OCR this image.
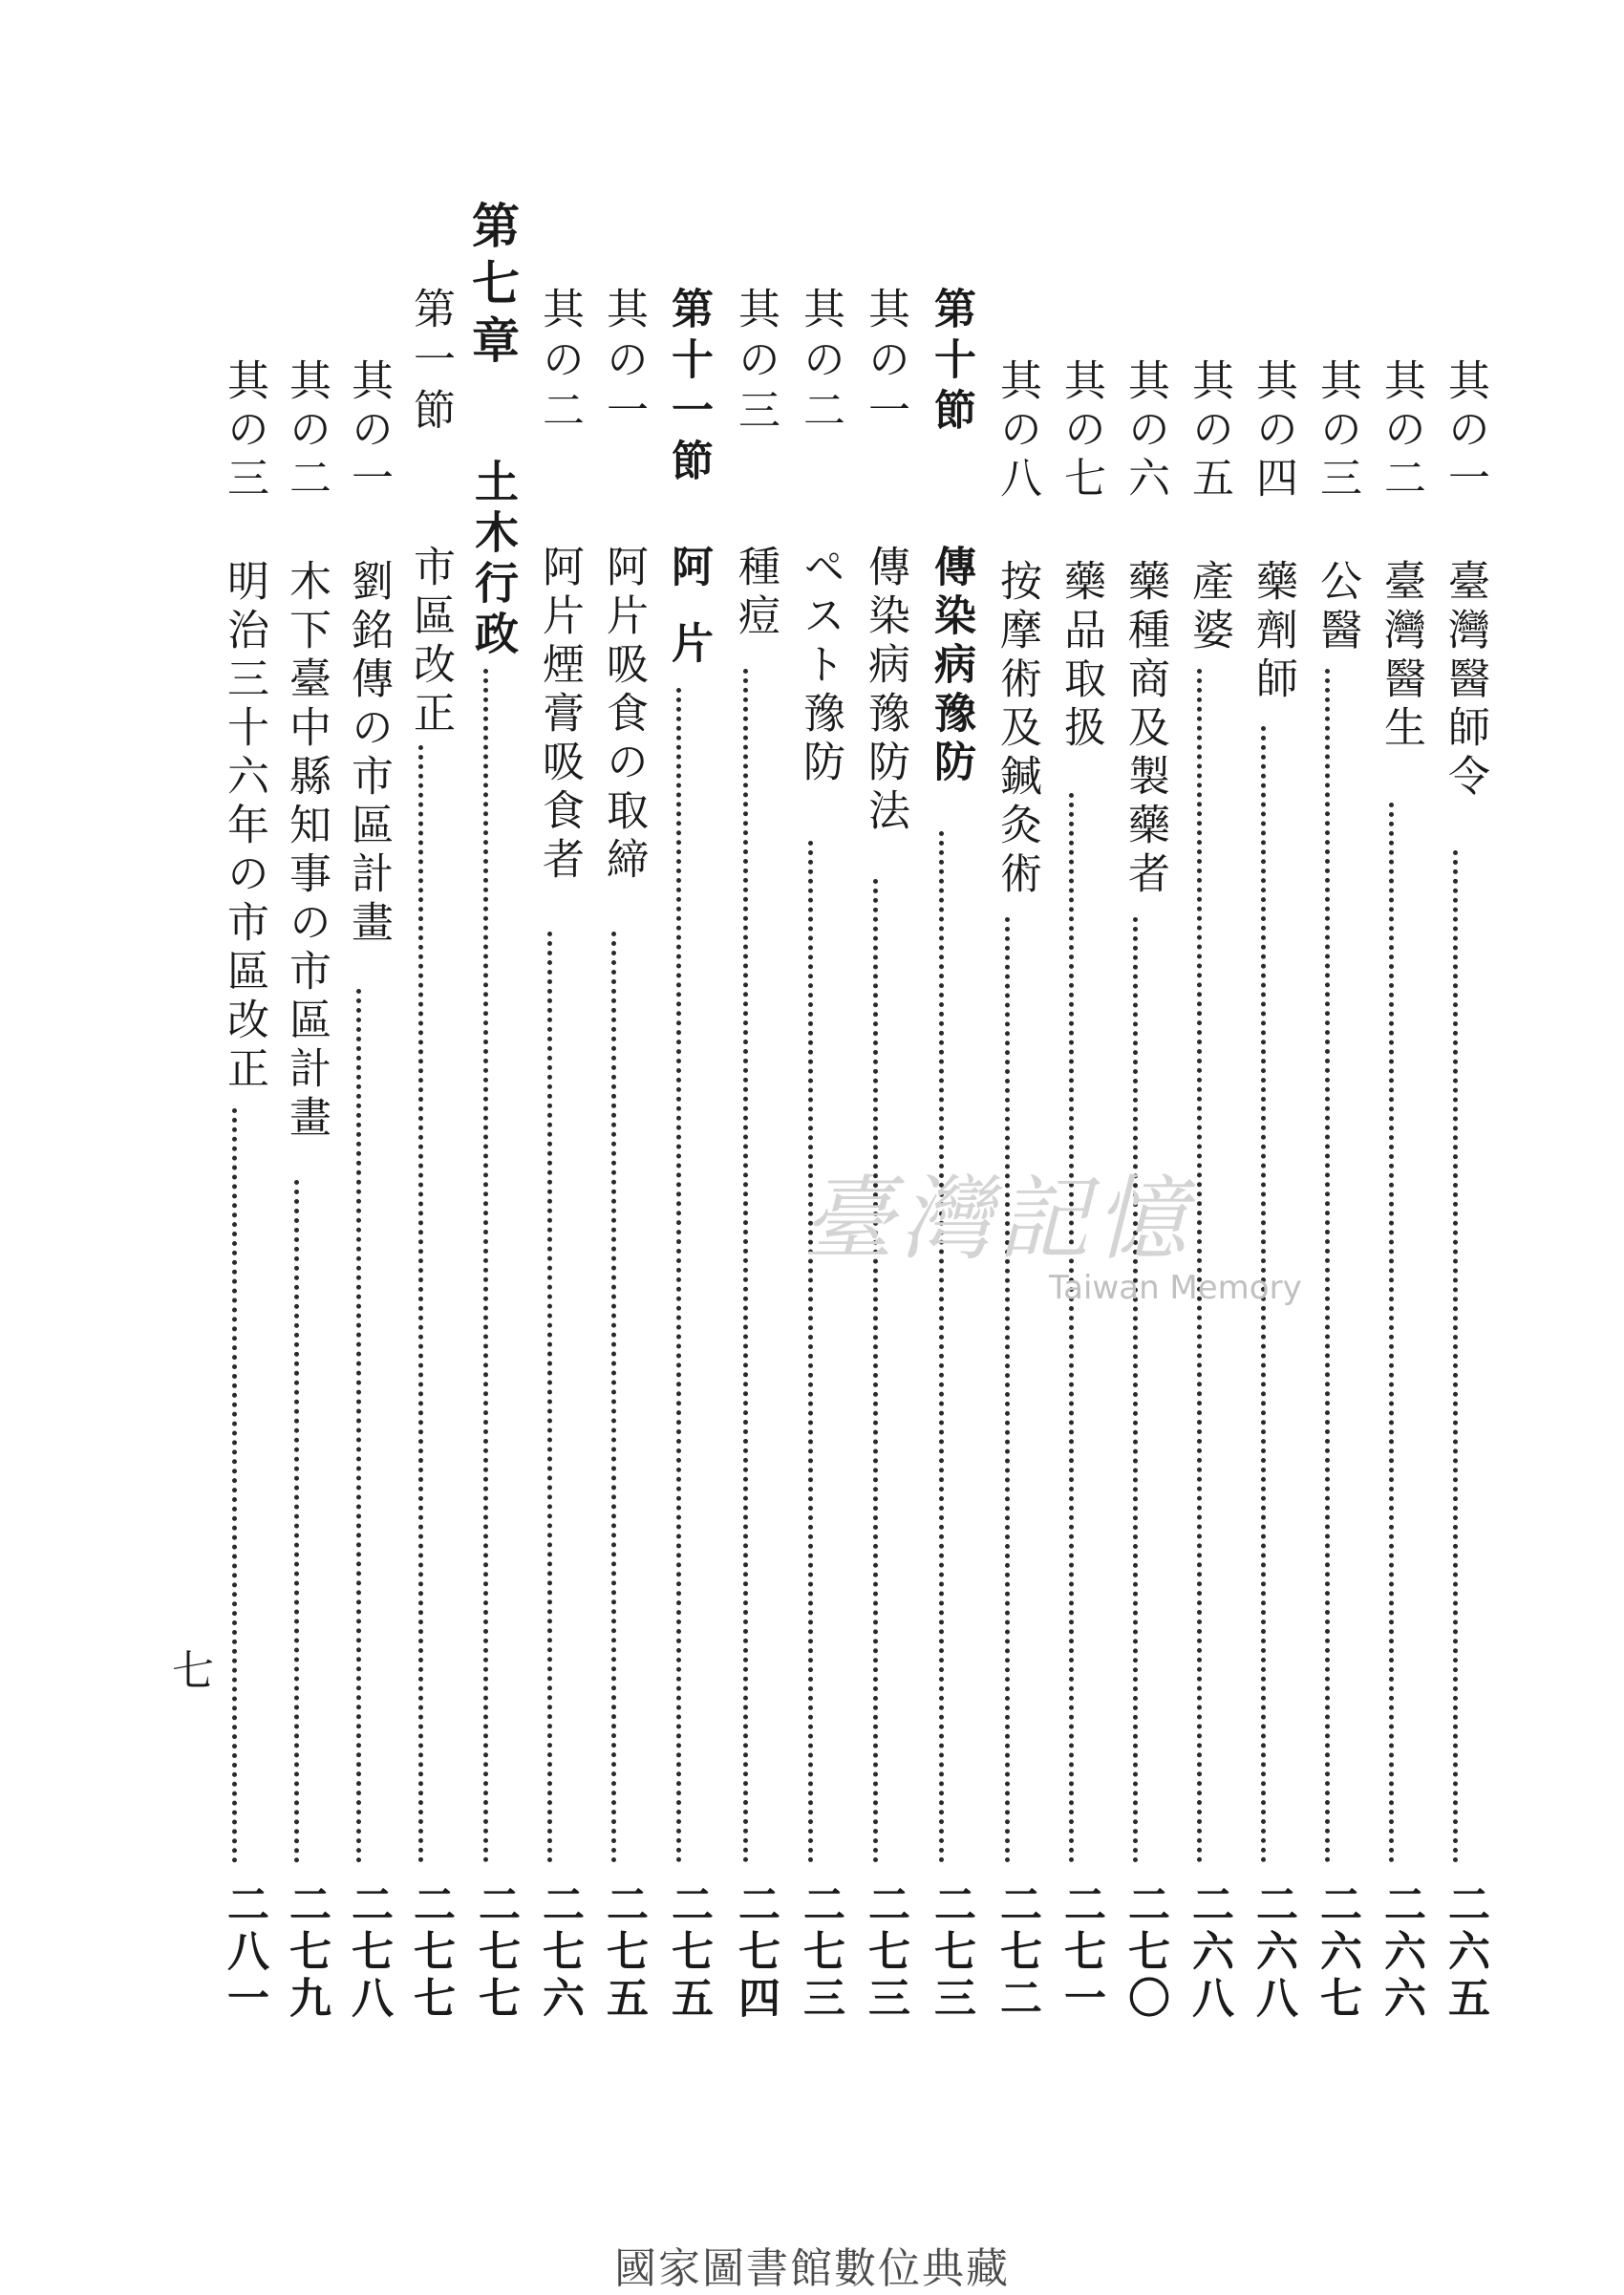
其の一
臺灣醫師令
二六五
其の二
臺灣醫生
二六六
其の三
公醫
二六七
其の四
藥劑師
二六八
其の五
產婆
二六八
其の六
藥種商及製藥者
二七〇
其の七
藥品取扱
二七一
其の八
按摩術及鍼灸術
二七二
第十節
傳染病豫防
二七三
其の一
傳染病豫防法
二七三
其の二
ペスト豫防
二七三
其の三
種痘
二七四
第十一節
阿片
二七五
其の一
阿片吸食の取締
二七五
其の二
阿片煙膏吸食者
二七六
第七章
土木行政
二七七
第一節
市區改正
二七七
其の一
劉銘傳の市區計畫
二七八
其の二
木下臺中縣知事の市區計畫
二七九
其の三
明治三十六年の市區改正
二八一
七
臺灣記憶
Taiwan Memory
國家圖書館數位典藏
